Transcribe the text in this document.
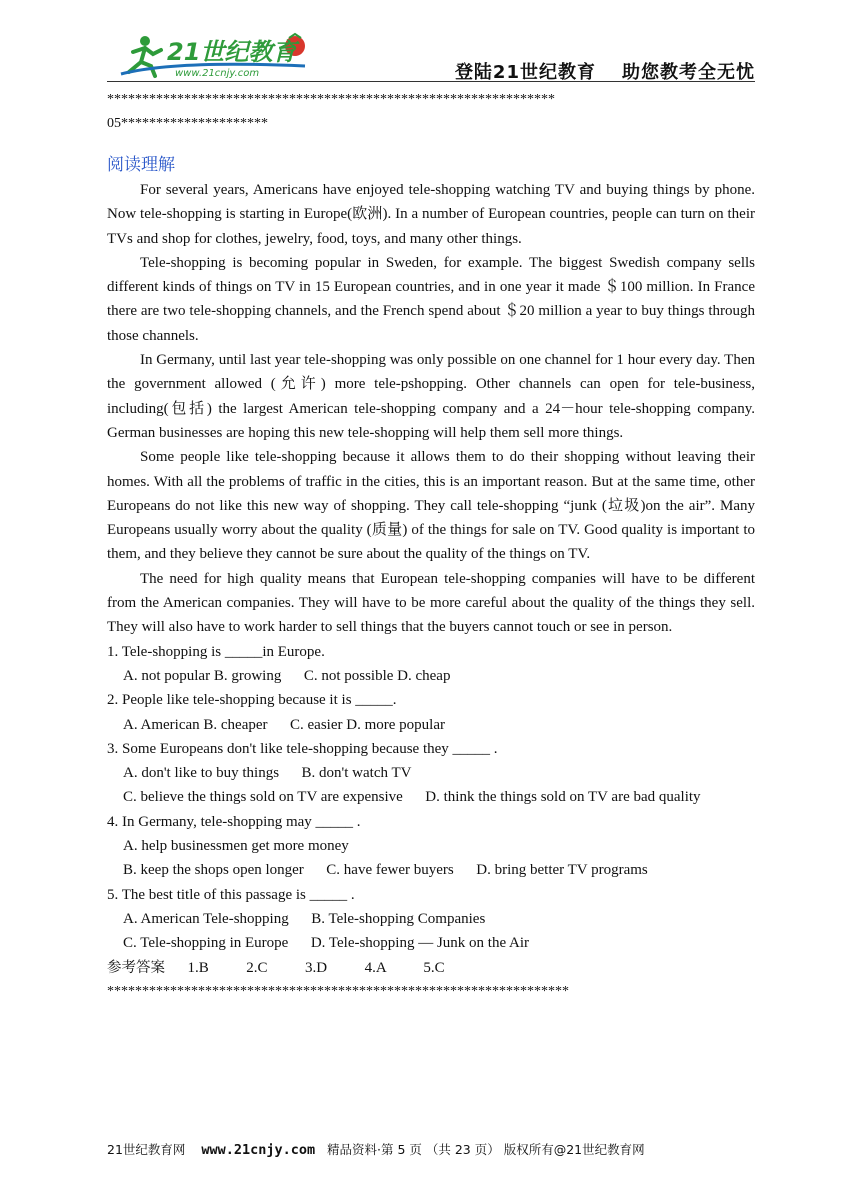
21世纪教育
www.21cnjy.com	登陆21世纪教育 助您教考全无忧
****************************************************************
05*********************
阅读理解

For several years, Americans have enjoyed tele-shopping watching TV and buying things by phone. Now tele-shopping is starting in Europe(欧洲). In a number of European countries, people can turn on their TVs and shop for clothes, jewelry, food, toys, and many other things.

Tele-shopping is becoming popular in Sweden, for example. The biggest Swedish company sells different kinds of things on TV in 15 European countries, and in one year it made ＄100 million. In France there are two tele-shopping channels, and the French spend about ＄20 million a year to buy things through those channels.

In Germany, until last year tele-shopping was only possible on one channel for 1 hour every day. Then the government allowed (允许) more tele-pshopping. Other channels can open for tele-business, including(包括) the largest American tele-shopping company and a 24－hour tele-shopping company. German businesses are hoping this new tele-shopping will help them sell more things.

Some people like tele-shopping because it allows them to do their shopping without leaving their homes. With all the problems of traffic in the cities, this is an important reason. But at the same time, other Europeans do not like this new way of shopping. They call tele-shopping “junk (垃圾)on the air”. Many Europeans usually worry about the quality (质量) of the things for sale on TV. Good quality is important to them, and they believe they cannot be sure about the quality of the things on TV.

The need for high quality means that European tele-shopping companies will have to be different from the American companies. They will have to be more careful about the quality of the things they sell. They will also have to work harder to sell things that the buyers cannot touch or see in person.

1. Tele-shopping is _____in Europe.
A. not popular B. growing      C. not possible D. cheap
2. People like tele-shopping because it is _____.
A. American B. cheaper      C. easier D. more popular
3. Some Europeans don't like tele-shopping because they _____ .
A. don't like to buy things      B. don't watch TV
C. believe the things sold on TV are expensive      D. think the things sold on TV are bad quality
4. In Germany, tele-shopping may _____ .
A. help businessmen get more money
B. keep the shops open longer      C. have fewer buyers      D. bring better TV programs
5. The best title of this passage is _____ .
A. American Tele-shopping      B. Tele-shopping Companies
C. Tele-shopping in Europe      D. Tele-shopping — Junk on the Air
参考答案      1.B          2.C          3.D          4.A          5.C
******************************************************************
21世纪教育网    www.21cnjy.com   精品资料·第 5 页 （共 23 页） 版权所有@21世纪教育网
